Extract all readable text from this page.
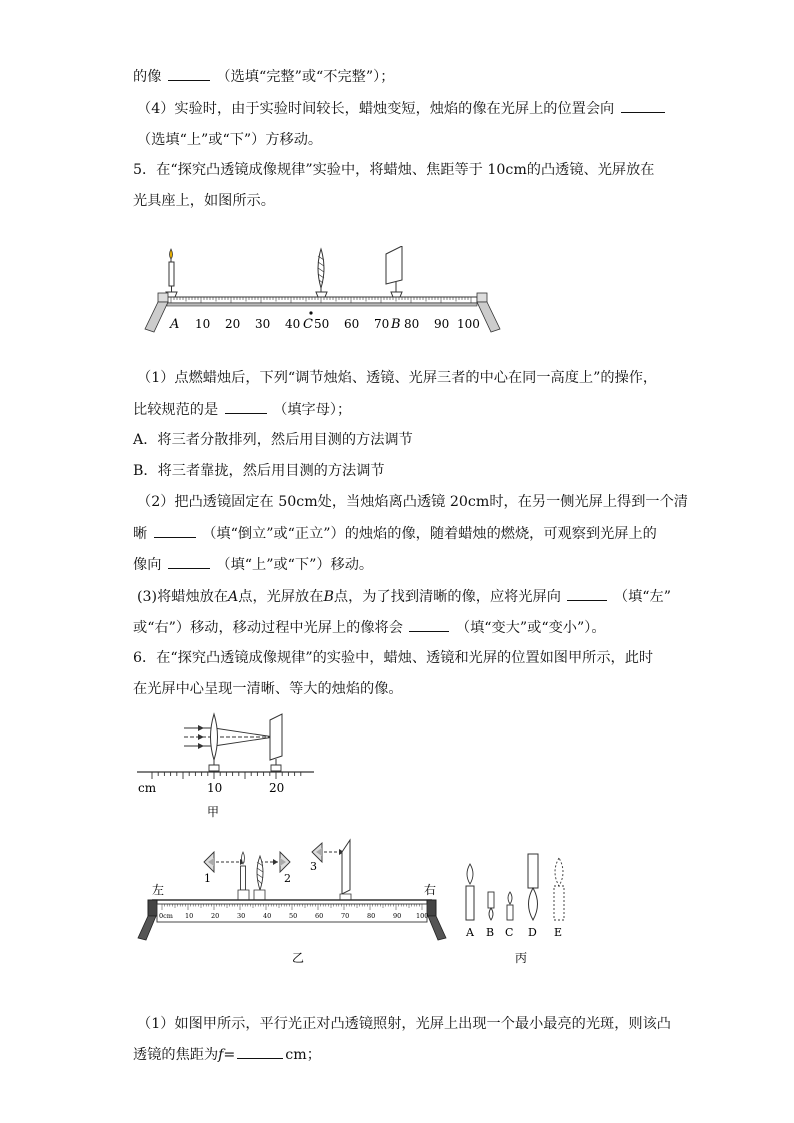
的像	（选填“完整”或“不完整”）；
（4）实验时，由于实验时间较长，蜡烛变短，烛焰的像在光屏上的位置会向
（选填“上”或“下”）方移动。
5．在“探究凸透镜成像规律”实验中，将蜡烛、焦距等于 10cm的凸透镜、光屏放在
光具座上，如图所示。
A 10 20 30 40 C 50 60 70 B 80 90 100
（1）点燃蜡烛后，下列“调节烛焰、透镜、光屏三者的中心在同一高度上”的操作，
比较规范的是	（填字母）；
A．将三者分散排列，然后用目测的方法调节
B．将三者靠拢，然后用目测的方法调节
（2）把凸透镜固定在 50cm处，当烛焰离凸透镜 20cm时，在另一侧光屏上得到一个清
晰	（填“倒立”或“正立”）的烛焰的像，随着蜡烛的燃烧，可观察到光屏上的
像向	（填“上”或“下”）移动。
(3)将蜡烛放在A点，光屏放在B点，为了找到清晰的像，应将光屏向	（填“左”
或“右”）移动，移动过程中光屏上的像将会	（填“变大”或“变小”）。
6．在“探究凸透镜成像规律”的实验中，蜡烛、透镜和光屏的位置如图甲所示，此时
在光屏中心呈现一清晰、等大的烛焰的像。
cm	10	20
甲
1	2
3
0cm 10	20	30	40	50	60	70	80	90 100
左	右
乙
A B C D E
丙
（1）如图甲所示，平行光正对凸透镜照射，光屏上出现一个最小最亮的光斑，则该凸
透镜的焦距为f=	cm；
